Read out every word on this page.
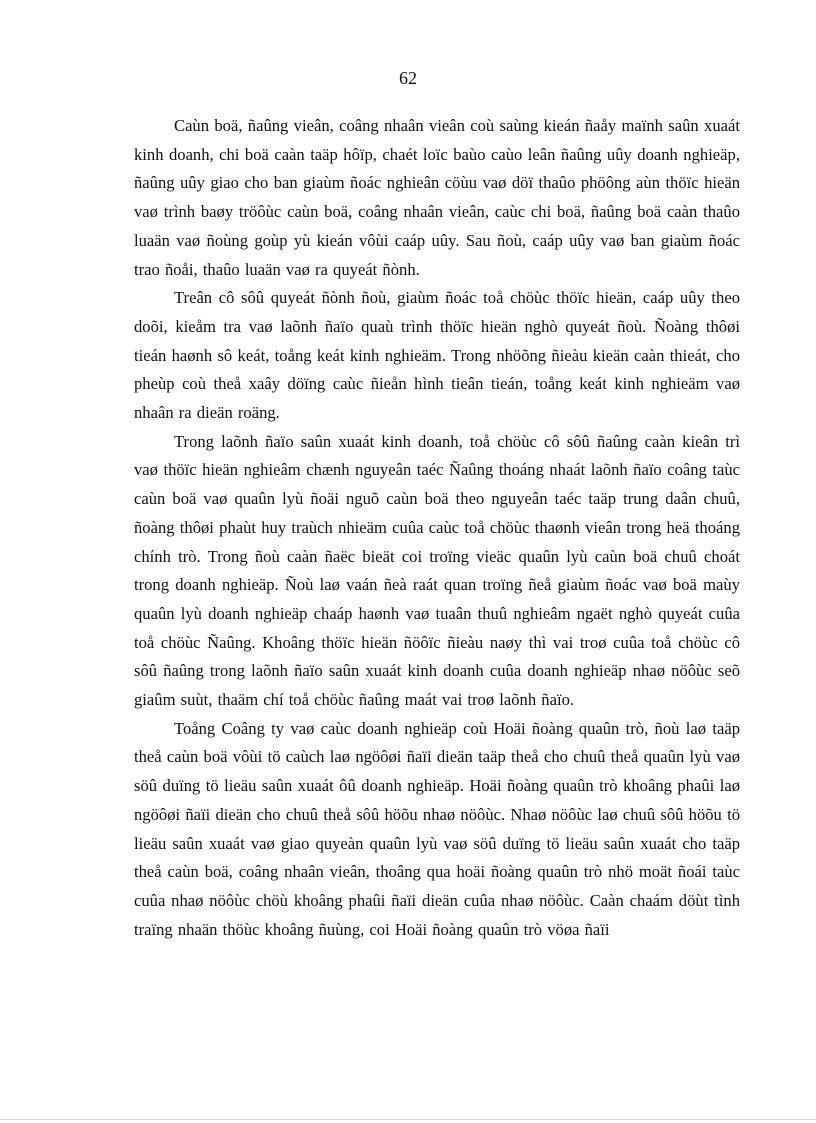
62

Caùn boä, ñaûng vieân, coâng nhaân vieân coù saùng kieán ñaåy maïnh saûn xuaát kinh doanh, chi boä caàn taäp hôïp, chaét loïc baùo caùo leân ñaûng uûy doanh nghieäp, ñaûng uûy giao cho ban giaùm ñoác nghieân cöùu vaø döï thaûo phöông aùn thöïc hieän vaø trình baøy tröôùc caùn boä, coâng nhaân vieân, caùc chi boä, ñaûng boä caàn thaûo luaän vaø ñoùng goùp yù kieán vôùi caáp uûy. Sau ñoù, caáp uûy vaø ban giaùm ñoác trao ñoåi, thaûo luaän vaø ra quyeát ñònh.

Treân cô sôû quyeát ñònh ñoù, giaùm ñoác toå chöùc thöïc hieän, caáp uûy theo doõi, kieåm tra vaø laõnh ñaïo quaù trình thöïc hieän nghò quyeát ñoù. Ñoàng thôøi tieán haønh sô keát, toång keát kinh nghieäm. Trong nhöõng ñieàu kieän caàn thieát, cho pheùp coù theå xaây döïng caùc ñieån hình tieân tieán, toång keát kinh nghieäm vaø nhaân ra dieän roäng.

Trong laõnh ñaïo saûn xuaát kinh doanh, toå chöùc cô sôû ñaûng caàn kieân trì vaø thöïc hieän nghieâm chænh nguyeân taéc Ñaûng thoáng nhaát laõnh ñaïo coâng taùc caùn boä vaø quaûn lyù ñoäi nguõ caùn boä theo nguyeân taéc taäp trung daân chuû, ñoàng thôøi phaùt huy traùch nhieäm cuûa caùc toå chöùc thaønh vieân trong heä thoáng chính trò. Trong ñoù caàn ñaëc bieät coi troïng vieäc quaûn lyù caùn boä chuû choát trong doanh nghieäp. Ñoù laø vaán ñeà raát quan troïng ñeå giaùm ñoác vaø boä maùy quaûn lyù doanh nghieäp chaáp haønh vaø tuaân thuû nghieâm ngaët nghò quyeát cuûa toå chöùc Ñaûng. Khoâng thöïc hieän ñöôïc ñieàu naøy thì vai troø cuûa toå chöùc cô sôû ñaûng trong laõnh ñaïo saûn xuaát kinh doanh cuûa doanh nghieäp nhaø nöôùc seõ giaûm suùt, thaäm chí toå chöùc ñaûng maát vai troø laõnh ñaïo.

Toång Coâng ty vaø caùc doanh nghieäp coù Hoäi ñoàng quaûn trò, ñoù laø taäp theå caùn boä vôùi tö caùch laø ngöôøi ñaïi dieän taäp theå cho chuû theå quaûn lyù vaø söû duïng tö lieäu saûn xuaát ôû doanh nghieäp. Hoäi ñoàng quaûn trò khoâng phaûi laø ngöôøi ñaïi dieän cho chuû theå sôû höõu nhaø nöôùc. Nhaø nöôùc laø chuû sôû höõu tö lieäu saûn xuaát vaø giao quyeàn quaûn lyù vaø söû duïng tö lieäu saûn xuaát cho taäp theå caùn boä, coâng nhaân vieân, thoâng qua hoäi ñoàng quaûn trò nhö moät ñoái taùc cuûa nhaø nöôùc chöù khoâng phaûi ñaïi dieän cuûa nhaø nöôùc. Caàn chaám döùt tình traïng nhaän thöùc khoâng ñuùng, coi Hoäi ñoàng quaûn trò vöøa ñaïi
